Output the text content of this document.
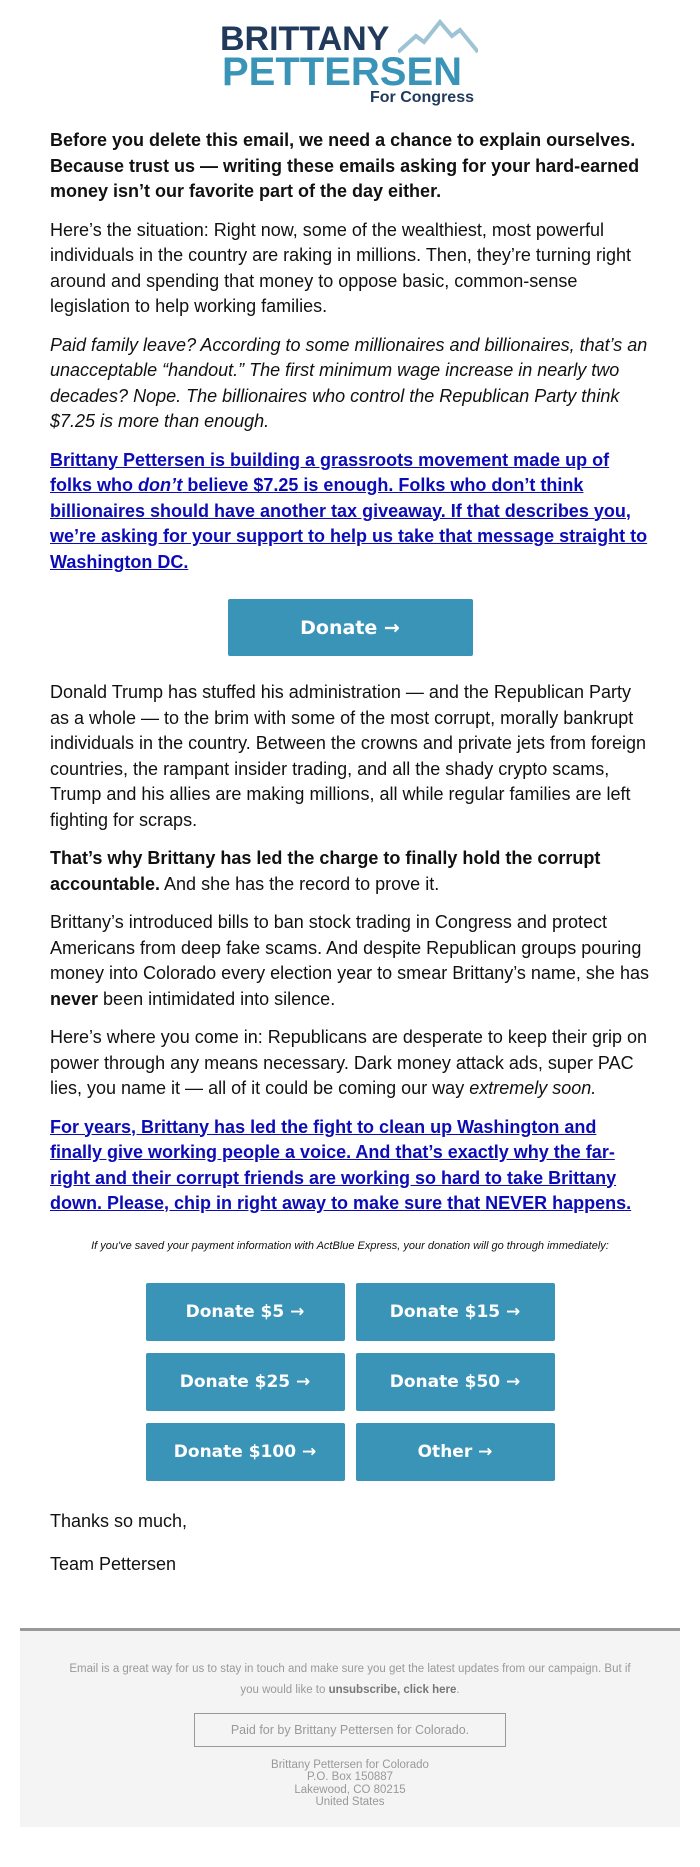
BRITTANY
PETTERSEN
For Congress

Before you delete this email, we need a chance to explain ourselves. Because trust us — writing these emails asking for your hard-earned money isn’t our favorite part of the day either.

Here’s the situation: Right now, some of the wealthiest, most powerful individuals in the country are raking in millions. Then, they’re turning right around and spending that money to oppose basic, common-sense legislation to help working families.

Paid family leave? According to some millionaires and billionaires, that’s an unacceptable “handout.” The first minimum wage increase in nearly two decades? Nope. The billionaires who control the Republican Party think $7.25 is more than enough.

Brittany Pettersen is building a grassroots movement made up of folks who don’t believe $7.25 is enough. Folks who don’t think billionaires should have another tax giveaway. If that describes you, we’re asking for your support to help us take that message straight to Washington DC.

Donate →

Donald Trump has stuffed his administration — and the Republican Party as a whole — to the brim with some of the most corrupt, morally bankrupt individuals in the country. Between the crowns and private jets from foreign countries, the rampant insider trading, and all the shady crypto scams, Trump and his allies are making millions, all while regular families are left fighting for scraps.

That’s why Brittany has led the charge to finally hold the corrupt accountable. And she has the record to prove it.

Brittany’s introduced bills to ban stock trading in Congress and protect Americans from deep fake scams. And despite Republican groups pouring money into Colorado every election year to smear Brittany’s name, she has never been intimidated into silence.

Here’s where you come in: Republicans are desperate to keep their grip on power through any means necessary. Dark money attack ads, super PAC lies, you name it — all of it could be coming our way extremely soon.

For years, Brittany has led the fight to clean up Washington and finally give working people a voice. And that’s exactly why the far-right and their corrupt friends are working so hard to take Brittany down. Please, chip in right away to make sure that NEVER happens.

If you've saved your payment information with ActBlue Express, your donation will go through immediately:
Donate $5 →	Donate $15 →
Donate $25 →	Donate $50 →
Donate $100 →	Other →

Thanks so much,

Team Pettersen

Email is a great way for us to stay in touch and make sure you get the latest updates from our campaign. But if you would like to unsubscribe, click here.
Paid for by Brittany Pettersen for Colorado.
Brittany Pettersen for Colorado
P.O. Box 150887
Lakewood, CO 80215
United States
